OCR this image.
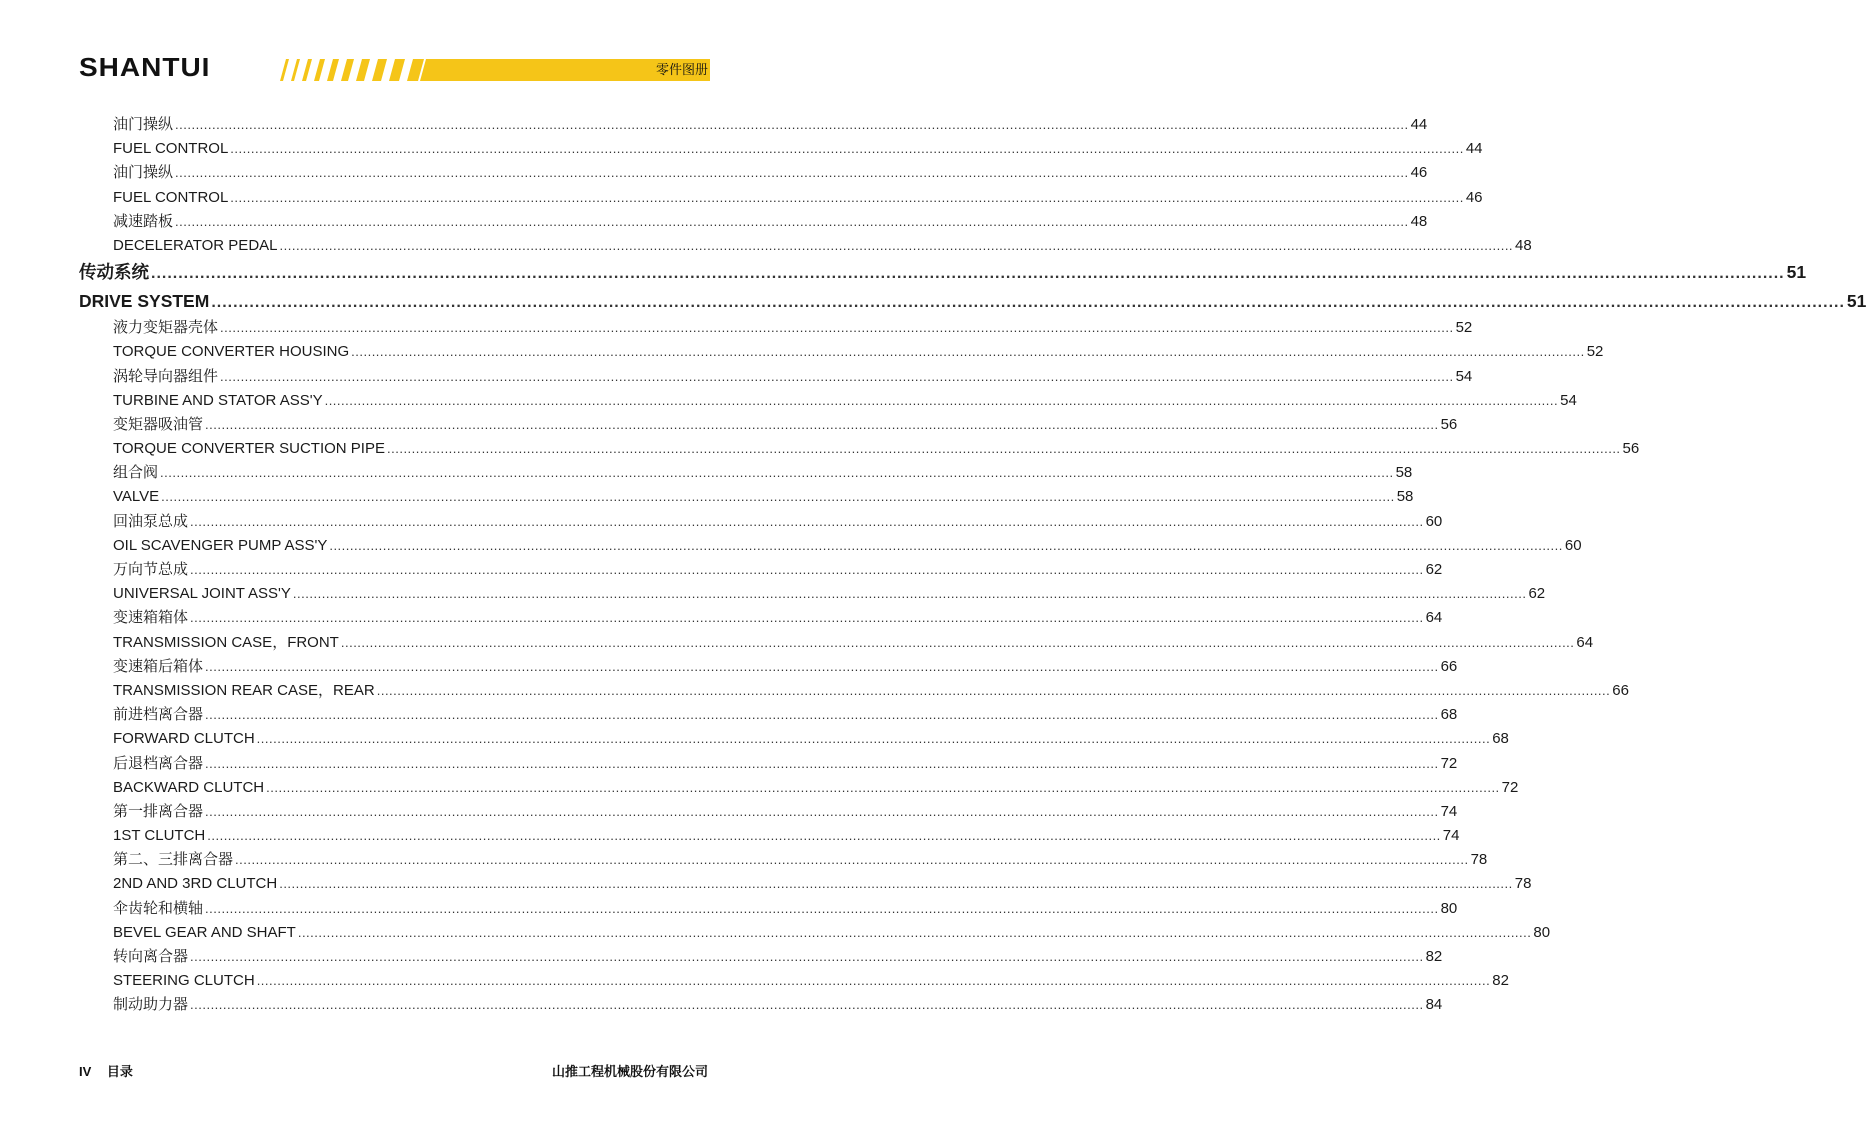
SHANTUI	零件图册
油门操纵 ............................................................................................................................................................................................................................................................................................................ 44
FUEL CONTROL ............................................................................................................................................................................................................................................................................................................ 44
油门操纵 ............................................................................................................................................................................................................................................................................................................ 46
FUEL CONTROL ............................................................................................................................................................................................................................................................................................................ 46
减速踏板 ............................................................................................................................................................................................................................................................................................................ 48
DECELERATOR PEDAL ............................................................................................................................................................................................................................................................................................................ 48
传动系统 ............................................................................................................................................................................................................................................................................................................ 51
DRIVE SYSTEM ............................................................................................................................................................................................................................................................................................................ 51
液力变矩器壳体 ............................................................................................................................................................................................................................................................................................................ 52
TORQUE CONVERTER HOUSING ............................................................................................................................................................................................................................................................................................................ 52
涡轮导向器组件 ............................................................................................................................................................................................................................................................................................................ 54
TURBINE AND STATOR ASS'Y ............................................................................................................................................................................................................................................................................................................ 54
变矩器吸油管 ............................................................................................................................................................................................................................................................................................................ 56
TORQUE CONVERTER SUCTION PIPE ............................................................................................................................................................................................................................................................................................................ 56
组合阀 ............................................................................................................................................................................................................................................................................................................ 58
VALVE ............................................................................................................................................................................................................................................................................................................ 58
回油泵总成 ............................................................................................................................................................................................................................................................................................................ 60
OIL SCAVENGER PUMP ASS'Y ............................................................................................................................................................................................................................................................................................................ 60
万向节总成 ............................................................................................................................................................................................................................................................................................................ 62
UNIVERSAL JOINT ASS'Y ............................................................................................................................................................................................................................................................................................................ 62
变速箱箱体 ............................................................................................................................................................................................................................................................................................................ 64
TRANSMISSION CASE，FRONT ............................................................................................................................................................................................................................................................................................................ 64
变速箱后箱体 ............................................................................................................................................................................................................................................................................................................ 66
TRANSMISSION REAR CASE，REAR ............................................................................................................................................................................................................................................................................................................ 66
前进档离合器 ............................................................................................................................................................................................................................................................................................................ 68
FORWARD CLUTCH ............................................................................................................................................................................................................................................................................................................ 68
后退档离合器 ............................................................................................................................................................................................................................................................................................................ 72
BACKWARD CLUTCH ............................................................................................................................................................................................................................................................................................................ 72
第一排离合器 ............................................................................................................................................................................................................................................................................................................ 74
1ST CLUTCH ............................................................................................................................................................................................................................................................................................................ 74
第二、三排离合器 ............................................................................................................................................................................................................................................................................................................ 78
2ND AND 3RD CLUTCH ............................................................................................................................................................................................................................................................................................................ 78
伞齿轮和横轴 ............................................................................................................................................................................................................................................................................................................ 80
BEVEL GEAR AND SHAFT ............................................................................................................................................................................................................................................................................................................ 80
转向离合器 ............................................................................................................................................................................................................................................................................................................ 82
STEERING CLUTCH ............................................................................................................................................................................................................................................................................................................ 82
制动助力器 ............................................................................................................................................................................................................................................................................................................ 84
IV 目录	山推工程机械股份有限公司
